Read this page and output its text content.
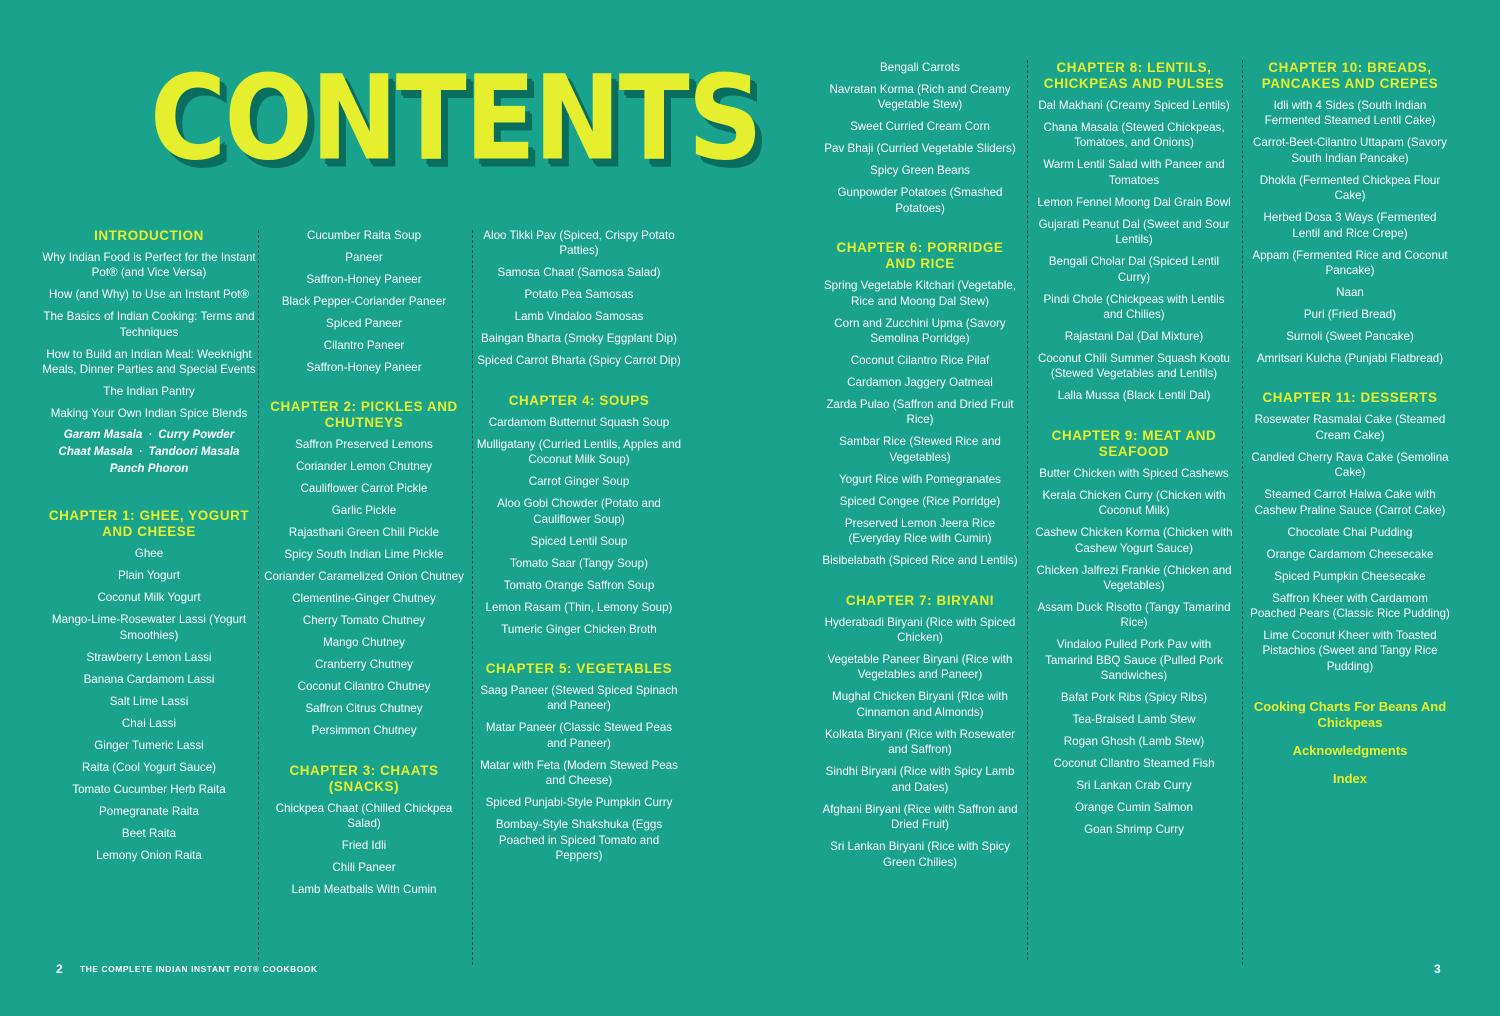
CONTENTS
INTRODUCTION
Why Indian Food is Perfect for the Instant Pot® (and Vice Versa)
How (and Why) to Use an Instant Pot®
The Basics of Indian Cooking: Terms and Techniques
How to Build an Indian Meal: Weeknight Meals, Dinner Parties and Special Events
The Indian Pantry
Making Your Own Indian Spice Blends
Garam Masala · Curry Powder
Chaat Masala · Tandoori Masala
Panch Phoron
CHAPTER 1: GHEE, YOGURT AND CHEESE
Ghee
Plain Yogurt
Coconut Milk Yogurt
Mango-Lime-Rosewater Lassi (Yogurt Smoothies)
Strawberry Lemon Lassi
Banana Cardamom Lassi
Salt Lime Lassi
Chai Lassi
Ginger Tumeric Lassi
Raita (Cool Yogurt Sauce)
Tomato Cucumber Herb Raita
Pomegranate Raita
Beet Raita
Lemony Onion Raita
Cucumber Raita Soup
Paneer
Saffron-Honey Paneer
Black Pepper-Coriander Paneer
Spiced Paneer
Cilantro Paneer
Saffron-Honey Paneer
CHAPTER 2: PICKLES AND CHUTNEYS
Saffron Preserved Lemons
Coriander Lemon Chutney
Cauliflower Carrot Pickle
Garlic Pickle
Rajasthani Green Chili Pickle
Spicy South Indian Lime Pickle
Coriander Caramelized Onion Chutney
Clementine-Ginger Chutney
Cherry Tomato Chutney
Mango Chutney
Cranberry Chutney
Coconut Cilantro Chutney
Saffron Citrus Chutney
Persimmon Chutney
CHAPTER 3: CHAATS (SNACKS)
Chickpea Chaat (Chilled Chickpea Salad)
Fried Idli
Chili Paneer
Lamb Meatballs With Cumin
Aloo Tikki Pav (Spiced, Crispy Potato Patties)
Samosa Chaat (Samosa Salad)
Potato Pea Samosas
Lamb Vindaloo Samosas
Baingan Bharta (Smoky Eggplant Dip)
Spiced Carrot Bharta (Spicy Carrot Dip)
CHAPTER 4: SOUPS
Cardamom Butternut Squash Soup
Mulligatany (Curried Lentils, Apples and Coconut Milk Soup)
Carrot Ginger Soup
Aloo Gobi Chowder (Potato and Cauliflower Soup)
Spiced Lentil Soup
Tomato Saar (Tangy Soup)
Tomato Orange Saffron Soup
Lemon Rasam (Thin, Lemony Soup)
Tumeric Ginger Chicken Broth
CHAPTER 5: VEGETABLES
Saag Paneer (Stewed Spiced Spinach and Paneer)
Matar Paneer (Classic Stewed Peas and Paneer)
Matar with Feta (Modern Stewed Peas and Cheese)
Spiced Punjabi-Style Pumpkin Curry
Bombay-Style Shakshuka (Eggs Poached in Spiced Tomato and Peppers)
Bengali Carrots
Navratan Korma (Rich and Creamy Vegetable Stew)
Sweet Curried Cream Corn
Pav Bhaji (Curried Vegetable Sliders)
Spicy Green Beans
Gunpowder Potatoes (Smashed Potatoes)
CHAPTER 6: PORRIDGE AND RICE
Spring Vegetable Kitchari (Vegetable, Rice and Moong Dal Stew)
Corn and Zucchini Upma (Savory Semolina Porridge)
Coconut Cilantro Rice Pilaf
Cardamon Jaggery Oatmeal
Zarda Pulao (Saffron and Dried Fruit Rice)
Sambar Rice (Stewed Rice and Vegetables)
Yogurt Rice with Pomegranates
Spiced Congee (Rice Porridge)
Preserved Lemon Jeera Rice (Everyday Rice with Cumin)
Bisibelabath (Spiced Rice and Lentils)
CHAPTER 7: BIRYANI
Hyderabadi Biryani (Rice with Spiced Chicken)
Vegetable Paneer Biryani (Rice with Vegetables and Paneer)
Mughal Chicken Biryani (Rice with Cinnamon and Almonds)
Kolkata Biryani (Rice with Rosewater and Saffron)
Sindhi Biryani (Rice with Spicy Lamb and Dates)
Afghani Biryani (Rice with Saffron and Dried Fruit)
Sri Lankan Biryani (Rice with Spicy Green Chilies)
CHAPTER 8: LENTILS, CHICKPEAS AND PULSES
Dal Makhani (Creamy Spiced Lentils)
Chana Masala (Stewed Chickpeas, Tomatoes, and Onions)
Warm Lentil Salad with Paneer and Tomatoes
Lemon Fennel Moong Dal Grain Bowl
Gujarati Peanut Dal (Sweet and Sour Lentils)
Bengali Cholar Dal (Spiced Lentil Curry)
Pindi Chole (Chickpeas with Lentils and Chilies)
Rajastani Dal (Dal Mixture)
Coconut Chili Summer Squash Kootu (Stewed Vegetables and Lentils)
Lalla Mussa (Black Lentil Dal)
CHAPTER 9: MEAT AND SEAFOOD
Butter Chicken with Spiced Cashews
Kerala Chicken Curry (Chicken with Coconut Milk)
Cashew Chicken Korma (Chicken with Cashew Yogurt Sauce)
Chicken Jalfrezi Frankie (Chicken and Vegetables)
Assam Duck Risotto (Tangy Tamarind Rice)
Vindaloo Pulled Pork Pav with Tamarind BBQ Sauce (Pulled Pork Sandwiches)
Bafat Pork Ribs (Spicy Ribs)
Tea-Braised Lamb Stew
Rogan Ghosh (Lamb Stew)
Coconut Cilantro Steamed Fish
Sri Lankan Crab Curry
Orange Cumin Salmon
Goan Shrimp Curry
CHAPTER 10: BREADS, PANCAKES AND CREPES
Idli with 4 Sides (South Indian Fermented Steamed Lentil Cake)
Carrot-Beet-Cilantro Uttapam (Savory South Indian Pancake)
Dhokla (Fermented Chickpea Flour Cake)
Herbed Dosa 3 Ways (Fermented Lentil and Rice Crepe)
Appam (Fermented Rice and Coconut Pancake)
Naan
Puri (Fried Bread)
Surnoli (Sweet Pancake)
Amritsari Kulcha (Punjabi Flatbread)
CHAPTER 11: DESSERTS
Rosewater Rasmalai Cake (Steamed Cream Cake)
Candied Cherry Rava Cake (Semolina Cake)
Steamed Carrot Halwa Cake with Cashew Praline Sauce (Carrot Cake)
Chocolate Chai Pudding
Orange Cardamom Cheesecake
Spiced Pumpkin Cheesecake
Saffron Kheer with Cardamom Poached Pears (Classic Rice Pudding)
Lime Coconut Kheer with Toasted Pistachios (Sweet and Tangy Rice Pudding)
Cooking Charts For Beans And Chickpeas
Acknowledgments
Index
2 THE COMPLETE INDIAN INSTANT POT® COOKBOOK	3
